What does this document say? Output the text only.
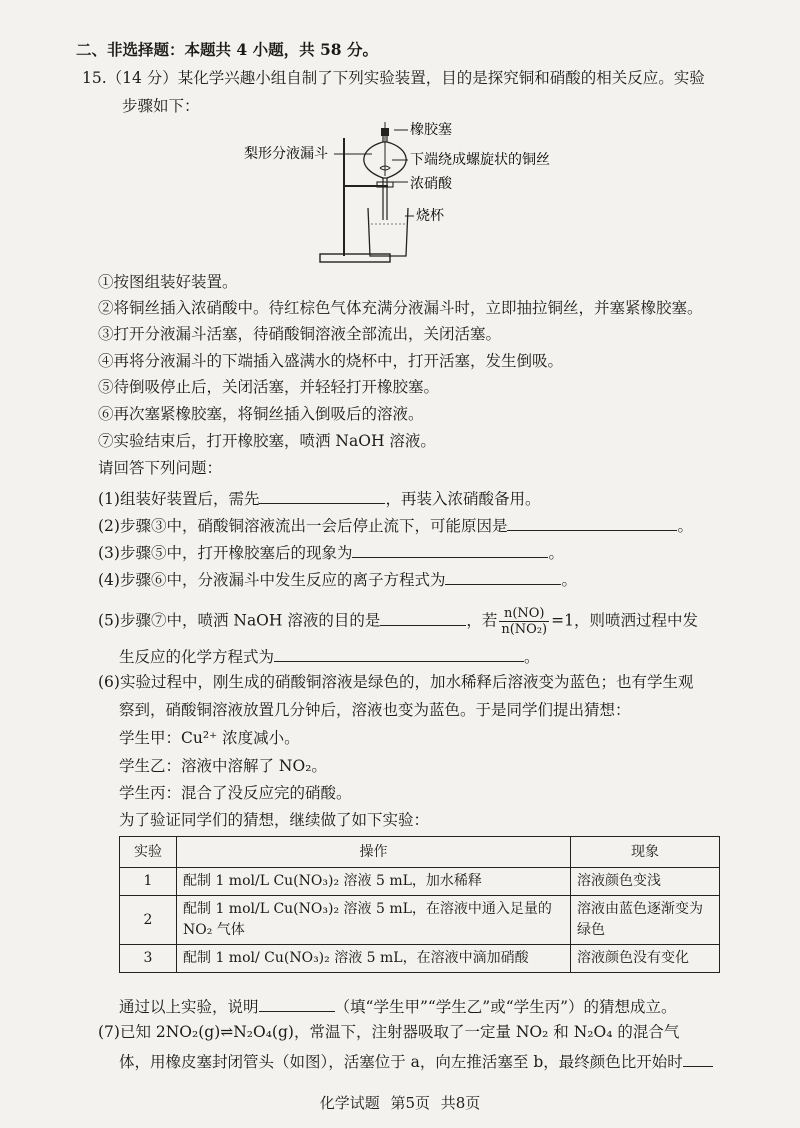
二、非选择题：本题共 4 小题，共 58 分。
15.（14 分）某化学兴趣小组自制了下列实验装置，目的是探究铜和硝酸的相关反应。实验
步骤如下：
梨形分液漏斗
橡胶塞
下端绕成螺旋状的铜丝
浓硝酸
烧杯
①按图组装好装置。
②将铜丝插入浓硝酸中。待红棕色气体充满分液漏斗时，立即抽拉铜丝，并塞紧橡胶塞。
③打开分液漏斗活塞，待硝酸铜溶液全部流出，关闭活塞。
④再将分液漏斗的下端插入盛满水的烧杯中，打开活塞，发生倒吸。
⑤待倒吸停止后，关闭活塞，并轻轻打开橡胶塞。
⑥再次塞紧橡胶塞，将铜丝插入倒吸后的溶液。
⑦实验结束后，打开橡胶塞，喷洒 NaOH 溶液。
请回答下列问题：
(1)组装好装置后，需先	，再装入浓硝酸备用。
(2)步骤③中，硝酸铜溶液流出一会后停止流下，可能原因是	。
(3)步骤⑤中，打开橡胶塞后的现象为	。
(4)步骤⑥中，分液漏斗中发生反应的离子方程式为	。
(5)步骤⑦中，喷洒 NaOH 溶液的目的是	，若 $\frac{n(NO)}{\text{n(NO₂)}} =1$，则喷洒过程中发
生反应的化学方程式为	。
(6)实验过程中，刚生成的硝酸铜溶液是绿色的，加水稀释后溶液变为蓝色；也有学生观
察到，硝酸铜溶液放置几分钟后，溶液也变为蓝色。于是同学们提出猜想：
学生甲：Cu²⁺ 浓度减小。
学生乙：溶液中溶解了 NO₂。
学生丙：混合了没反应完的硝酸。
为了验证同学们的猜想，继续做了如下实验：
实验	操作	现象
1	配制 1 mol/L Cu(NO₃)₂ 溶液 5 mL，加水稀释	溶液颜色变浅
2	配制 1 mol/L Cu(NO₃)₂ 溶液 5 mL，在溶液中通入足量的 NO₂ 气体	溶液由蓝色逐渐变为绿色
3	配制 1 mol/ Cu(NO₃)₂ 溶液 5 mL，在溶液中滴加硝酸	溶液颜色没有变化
通过以上实验，说明	（填“学生甲”“学生乙”或“学生丙”）的猜想成立。
(7)已知 2NO₂(g)⇌N₂O₄(g)，常温下，注射器吸取了一定量 NO₂ 和 N₂O₄ 的混合气
体，用橡皮塞封闭管头（如图），活塞位于 a，向左推活塞至 b，最终颜色比开始时
化学试题 第5页 共8页
